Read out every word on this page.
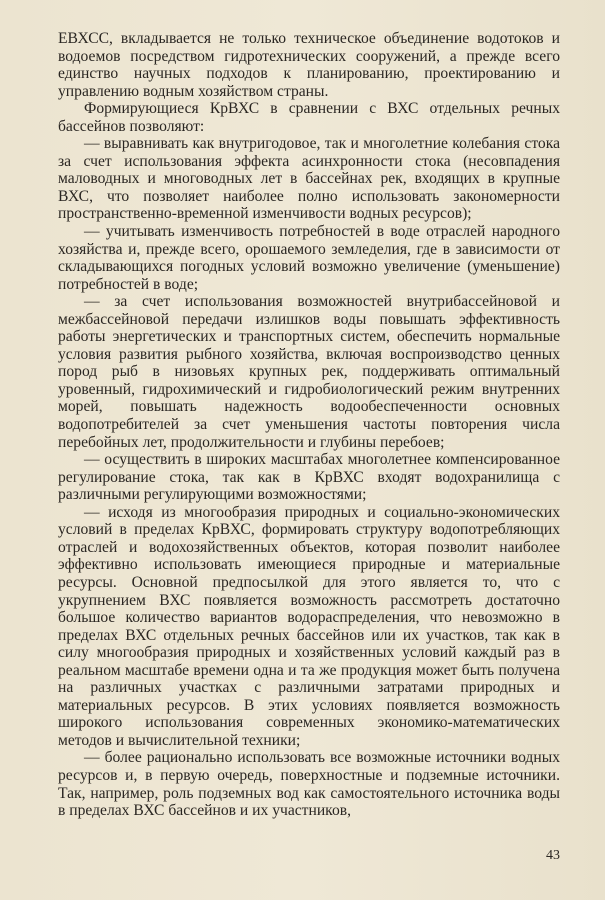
ЕВХСС, вкладывается не только техническое объединение водотоков и водоемов посредством гидротехнических сооружений, а прежде всего единство научных подходов к планированию, проектированию и управлению водным хозяйством страны.

Формирующиеся КрВХС в сравнении с ВХС отдельных речных бассейнов позволяют:

— выравнивать как внутригодовое, так и многолетние колебания стока за счет использования эффекта асинхронности стока (несовпадения маловодных и многоводных лет в бассейнах рек, входящих в крупные ВХС, что позволяет наиболее полно использовать закономерности пространственно-временной изменчивости водных ресурсов);

— учитывать изменчивость потребностей в воде отраслей народного хозяйства и, прежде всего, орошаемого земледелия, где в зависимости от складывающихся погодных условий возможно увеличение (уменьшение) потребностей в воде;

— за счет использования возможностей внутрибассейновой и межбассейновой передачи излишков воды повышать эффективность работы энергетических и транспортных систем, обеспечить нормальные условия развития рыбного хозяйства, включая воспроизводство ценных пород рыб в низовьях крупных рек, поддерживать оптимальный уровенный, гидрохимический и гидробиологический режим внутренних морей, повышать надежность водообеспеченности основных водопотребителей за счет уменьшения частоты повторения числа перебойных лет, продолжительности и глубины перебоев;

— осуществить в широких масштабах многолетнее компенсированное регулирование стока, так как в КрВХС входят водохранилища с различными регулирующими возможностями;

— исходя из многообразия природных и социально-экономических условий в пределах КрВХС, формировать структуру водопотребляющих отраслей и водохозяйственных объектов, которая позволит наиболее эффективно использовать имеющиеся природные и материальные ресурсы. Основной предпосылкой для этого является то, что с укрупнением ВХС появляется возможность рассмотреть достаточно большое количество вариантов водораспределения, что невозможно в пределах ВХС отдельных речных бассейнов или их участков, так как в силу многообразия природных и хозяйственных условий каждый раз в реальном масштабе времени одна и та же продукция может быть получена на различных участках с различными затратами природных и материальных ресурсов. В этих условиях появляется возможность широкого использования современных экономико-математических методов и вычислительной техники;

— более рационально использовать все возможные источники водных ресурсов и, в первую очередь, поверхностные и подземные источники. Так, например, роль подземных вод как самостоятельного источника воды в пределах ВХС бассейнов и их участников,

43
